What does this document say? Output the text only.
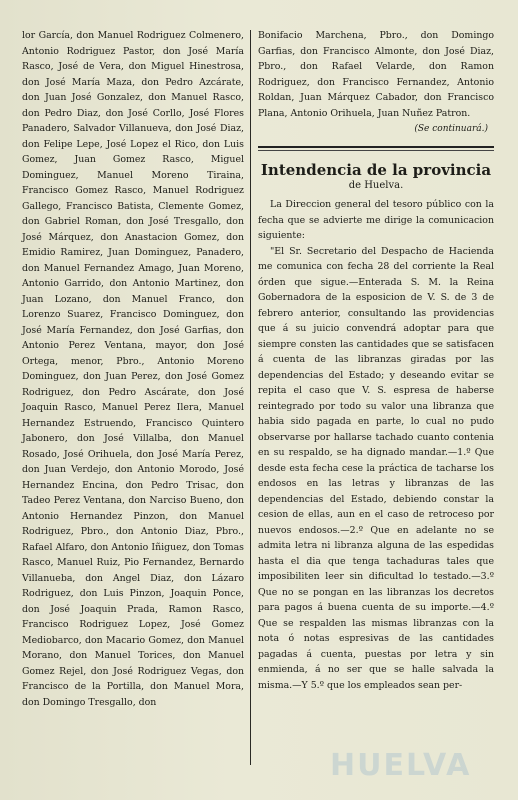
lor García, don Manuel Rodriguez Colmenero, Antonio Rodriguez Pastor, don José María Rasco, José de Vera, don Miguel Hinestrosa, don José María Maza, don Pedro Azcárate, don Juan José Gonzalez, don Manuel Rasco, don Pedro Diaz, don José Corllo, José Flores Panadero, Salvador Villanueva, don José Diaz, don Felipe Lepe, José Lopez el Rico, don Luis Gomez, Juan Gomez Rasco, Miguel Dominguez, Manuel Moreno Tiraina, Francisco Gomez Rasco, Manuel Rodriguez Gallego, Francisco Batista, Clemente Gomez, don Gabriel Roman, don José Tresgallo, don José Márquez, don Anastacion Gomez, don Emidio Ramirez, Juan Dominguez, Panadero, don Manuel Fernandez Amago, Juan Moreno, Antonio Garrido, don Antonio Martinez, don Juan Lozano, don Manuel Franco, don Lorenzo Suarez, Francisco Dominguez, don José María Fernandez, don José Garfias, don Antonio Perez Ventana, mayor, don José Ortega, menor, Pbro., Antonio Moreno Dominguez, don Juan Perez, don José Gomez Rodriguez, don Pedro Ascárate, don José Joaquin Rasco, Manuel Perez Ilera, Manuel Hernandez Estruendo, Francisco Quintero Jabonero, don José Villalba, don Manuel Rosado, José Orihuela, don José María Perez, don Juan Verdejo, don Antonio Morodo, José Hernandez Encina, don Pedro Trisac, don Tadeo Perez Ventana, don Narciso Bueno, don Antonio Hernandez Pinzon, don Manuel Rodriguez, Pbro., don Antonio Diaz, Pbro., Rafael Alfaro, don Antonio Iñiguez, don Tomas Rasco, Manuel Ruiz, Pio Fernandez, Bernardo Villanueba, don Angel Diaz, don Lázaro Rodriguez, don Luis Pinzon, Joaquin Ponce, don José Joaquin Prada, Ramon Rasco, Francisco Rodriguez Lopez, José Gomez Mediobarco, don Macario Gomez, don Manuel Morano, don Manuel Torices, don Manuel Gomez Rejel, don José Rodriguez Vegas, don Francisco de la Portilla, don Manuel Mora, don Domingo Tresgallo, don

Bonifacio Marchena, Pbro., don Domingo Garfias, don Francisco Almonte, don José Diaz, Pbro., don Rafael Velarde, don Ramon Rodriguez, don Francisco Fernandez, Antonio Roldan, Juan Márquez Cabador, don Francisco Plana, Antonio Orihuela, Juan Nuñez Patron.

(Se continuará.)

Intendencia de la provincia
de Huelva.

La Direccion general del tesoro público con la fecha que se advierte me dirige la comunicacion siguiente:

"El Sr. Secretario del Despacho de Hacienda me comunica con fecha 28 del corriente la Real órden que sigue.—Enterada S. M. la Reina Gobernadora de la esposicion de V. S. de 3 de febrero anterior, consultando las providencias que á su juicio convendrá adoptar para que siempre consten las cantidades que se satisfacen á cuenta de las libranzas giradas por las dependencias del Estado; y deseando evitar se repita el caso que V. S. espresa de haberse reintegrado por todo su valor una libranza que habia sido pagada en parte, lo cual no pudo observarse por hallarse tachado cuanto contenia en su respaldo, se ha dignado mandar.—1.º Que desde esta fecha cese la práctica de tacharse los endosos en las letras y libranzas de las dependencias del Estado, debiendo constar la cesion de ellas, aun en el caso de retroceso por nuevos endosos.—2.º Que en adelante no se admita letra ni libranza alguna de las espedidas hasta el dia que tenga tachaduras tales que imposibiliten leer sin dificultad lo testado.—3.º Que no se pongan en las libranzas los decretos para pagos á buena cuenta de su importe.—4.º Que se respalden las mismas libranzas con la nota ó notas espresivas de las cantidades pagadas á cuenta, puestas por letra y sin enmienda, á no ser que se halle salvada la misma.—Y 5.º que los empleados sean per-

HUELVA
